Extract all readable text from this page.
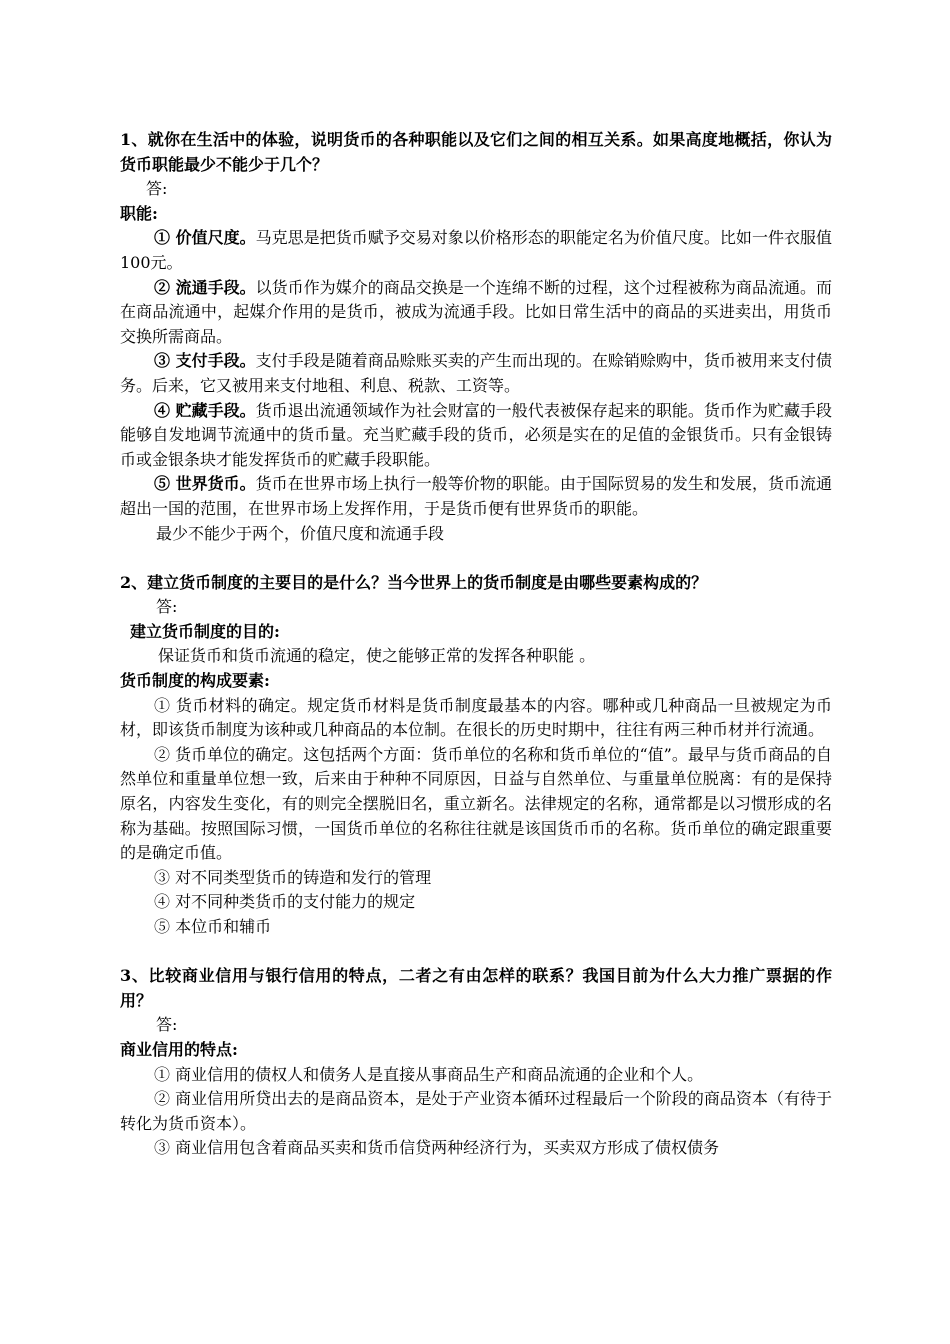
1、就你在生活中的体验，说明货币的各种职能以及它们之间的相互关系。如果高度地概括，你认为货币职能最少不能少于几个？

答:

职能:

① 价值尺度。马克思是把货币赋予交易对象以价格形态的职能定名为价值尺度。比如一件衣服值100元。

② 流通手段。以货币作为媒介的商品交换是一个连绵不断的过程，这个过程被称为商品流通。而在商品流通中，起媒介作用的是货币，被成为流通手段。比如日常生活中的商品的买进卖出，用货币交换所需商品。

③ 支付手段。支付手段是随着商品赊账买卖的产生而出现的。在赊销赊购中，货币被用来支付债务。后来，它又被用来支付地租、利息、税款、工资等。

④ 贮藏手段。货币退出流通领域作为社会财富的一般代表被保存起来的职能。货币作为贮藏手段能够自发地调节流通中的货币量。充当贮藏手段的货币，必须是实在的足值的金银货币。只有金银铸币或金银条块才能发挥货币的贮藏手段职能。

⑤ 世界货币。货币在世界市场上执行一般等价物的职能。由于国际贸易的发生和发展，货币流通超出一国的范围，在世界市场上发挥作用，于是货币便有世界货币的职能。

最少不能少于两个，价值尺度和流通手段

2、建立货币制度的主要目的是什么？当今世界上的货币制度是由哪些要素构成的？

答:

建立货币制度的目的:

保证货币和货币流通的稳定，使之能够正常的发挥各种职能 。

货币制度的构成要素:

① 货币材料的确定。规定货币材料是货币制度最基本的内容。哪种或几种商品一旦被规定为币材，即该货币制度为该种或几种商品的本位制。在很长的历史时期中，往往有两三种币材并行流通。

② 货币单位的确定。这包括两个方面：货币单位的名称和货币单位的“值”。最早与货币商品的自然单位和重量单位想一致，后来由于种种不同原因，日益与自然单位、与重量单位脱离：有的是保持原名，内容发生变化，有的则完全摆脱旧名，重立新名。法律规定的名称，通常都是以习惯形成的名称为基础。按照国际习惯，一国货币单位的名称往往就是该国货币币的名称。货币单位的确定跟重要的是确定币值。

③ 对不同类型货币的铸造和发行的管理

④ 对不同种类货币的支付能力的规定

⑤ 本位币和辅币

3、比较商业信用与银行信用的特点，二者之有由怎样的联系？我国目前为什么大力推广票据的作用？

答:

商业信用的特点:

① 商业信用的债权人和债务人是直接从事商品生产和商品流通的企业和个人。

② 商业信用所贷出去的是商品资本，是处于产业资本循环过程最后一个阶段的商品资本（有待于转化为货币资本）。

③ 商业信用包含着商品买卖和货币信贷两种经济行为，买卖双方形成了债权债务
